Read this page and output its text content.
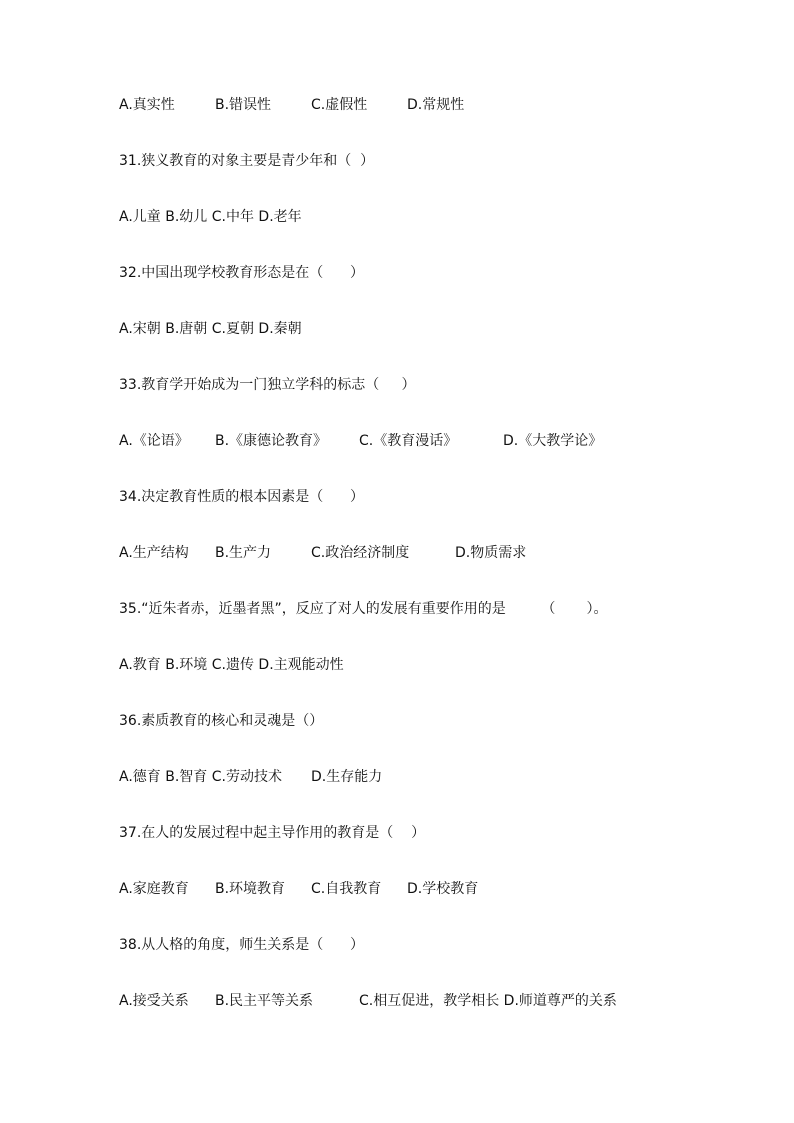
A.真实性

	B.错误性

	C.虚假性

	D.常规性

31.狭义教育的对象主要是青少年和（  ）

A.儿童 B.幼儿 C.中年 D.老年

32.中国出现学校教育形态是在（      ）

A.宋朝 B.唐朝 C.夏朝 D.秦朝

33.教育学开始成为一门独立学科的标志（     ）

A.《论语》

B.《康德论教育》

C.《教育漫话》

	D.《大教学论》

34.决定教育性质的根本因素是（      ）

A.生产结构

B.生产力

	C.政治经济制度

	D.物质需求

35.“近朱者赤，近墨者黑”，反应了对人的发展有重要作用的是        （       ）。

A.教育 B.环境 C.遗传 D.主观能动性

36.素质教育的核心和灵魂是（）

A.德育 B.智育 C.劳动技术

D.生存能力

37.在人的发展过程中起主导作用的教育是（    ）

A.家庭教育

B.环境教育

C.自我教育

D.学校教育

38.从人格的角度，师生关系是（      ）

A.接受关系

B.民主平等关系

	C.相互促进，教学相长 D.师道尊严的关系
